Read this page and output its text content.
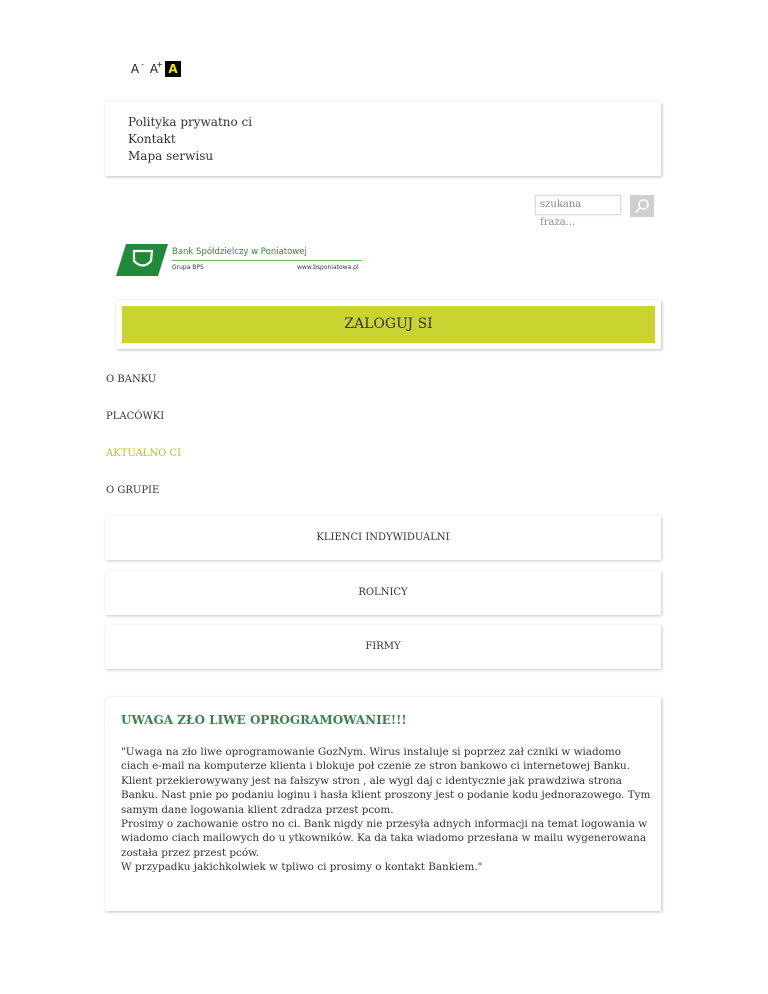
A - A
+ A
Polityka prywatno ci
Kontakt
Mapa serwisu
szukana fraza...
Bank Spółdzielczy w Poniatowej
Grupa BPS	www.bsponiatowa.pl
ZALOGUJ SI
O BANKU
PLACÓWKI
AKTUALNO CI
O GRUPIE
KLIENCI INDYWIDUALNI
ROLNICY
FIRMY
UWAGA ZŁO LIWE OPROGRAMOWANIE!!!

"Uwaga na zło liwe oprogramowanie GozNym. Wirus instaluje si poprzez zał czniki w wiadomo ciach e-mail na komputerze klienta i blokuje poł czenie ze stron bankowo ci internetowej Banku. Klient przekierowywany jest na fałszyw stron , ale wygl daj c identycznie jak prawdziwa strona Banku. Nast pnie po podaniu loginu i hasła klient proszony jest o podanie kodu jednorazowego. Tym samym dane logowania klient zdradza przest pcom.

Prosimy o zachowanie ostro no ci. Bank nigdy nie przesyła adnych informacji na temat logowania w wiadomo ciach mailowych do u ytkowników. Ka da taka wiadomo przesłana w mailu wygenerowana została przez przest pców.

W przypadku jakichkolwiek w tpliwo ci prosimy o kontakt Bankiem."
